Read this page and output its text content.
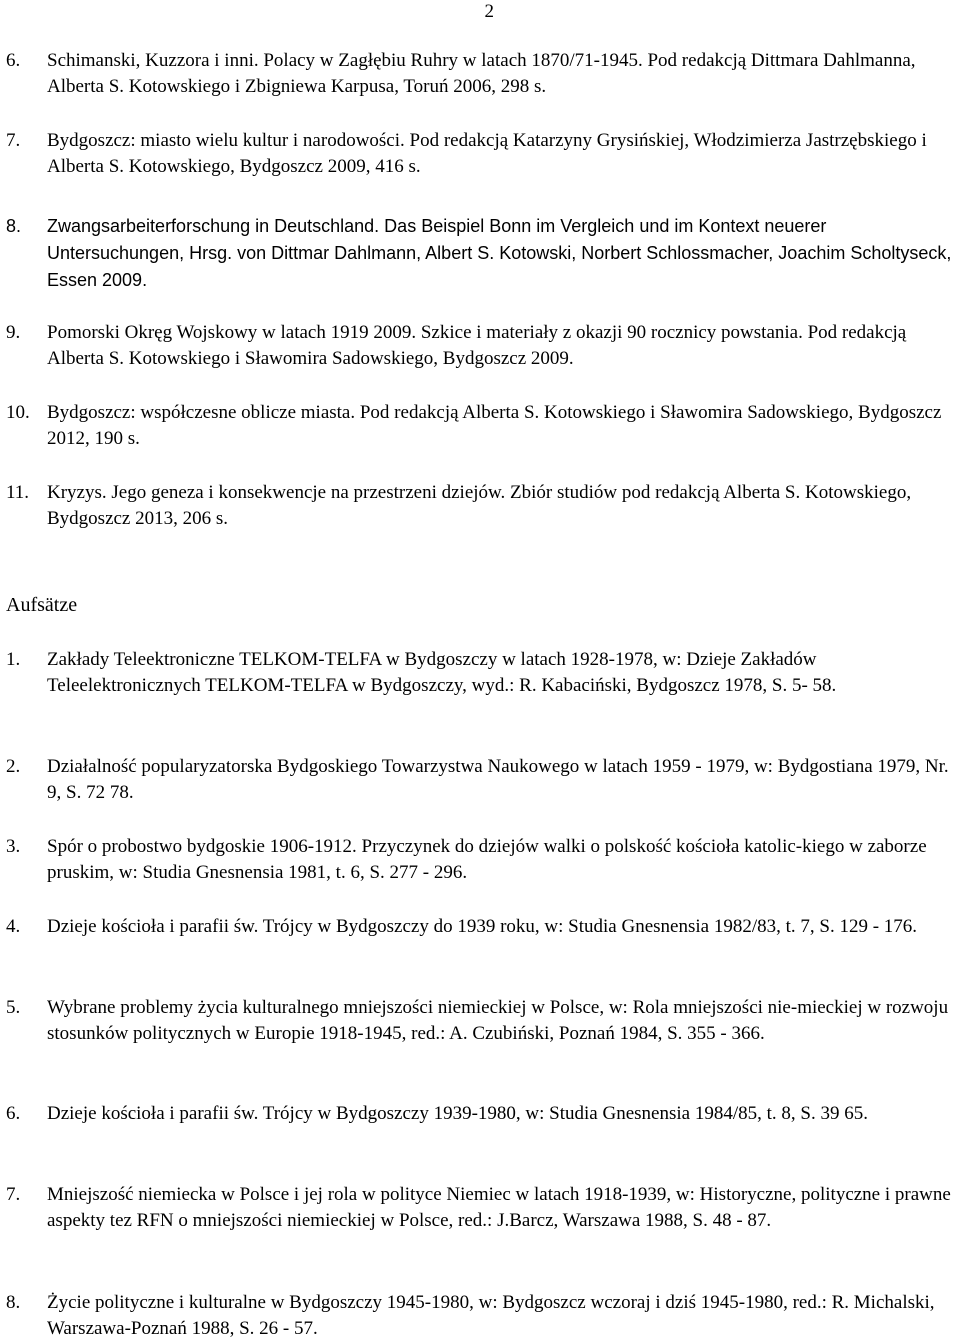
2
6.	Schimanski, Kuzzora i inni. Polacy w Zagłębiu Ruhry w latach 1870/71-1945. Pod redakcją Dittmara Dahlmanna, Alberta S. Kotowskiego i Zbigniewa Karpusa, Toruń 2006, 298 s.
7.	Bydgoszcz: miasto wielu kultur i narodowości. Pod redakcją Katarzyny Grysińskiej, Włodzimierza Jastrzębskiego i Alberta S. Kotowskiego, Bydgoszcz 2009, 416 s.
8.	Zwangsarbeiterforschung in Deutschland. Das Beispiel Bonn im Vergleich und im Kontext neuerer Untersuchungen, Hrsg. von Dittmar Dahlmann, Albert S. Kotowski, Norbert Schlossmacher, Joachim Scholtyseck, Essen 2009.
9.	Pomorski Okręg Wojskowy w latach 1919 2009. Szkice i materiały z okazji 90 rocznicy powstania. Pod redakcją Alberta S. Kotowskiego i Sławomira Sadowskiego, Bydgoszcz 2009.
10. Bydgoszcz: współczesne oblicze miasta. Pod redakcją Alberta S. Kotowskiego i Sławomira Sadowskiego, Bydgoszcz 2012, 190 s.
11. Kryzys. Jego geneza i konsekwencje na przestrzeni dziejów. Zbiór studiów pod redakcją Alberta S. Kotowskiego, Bydgoszcz 2013, 206 s.
Aufsätze
1.	Zakłady Teleektroniczne TELKOM-TELFA w Bydgoszczy w latach 1928-1978, w: Dzieje Zakładów Teleelektronicznych TELKOM-TELFA w Bydgoszczy, wyd.: R. Kabaciński, Bydgoszcz 1978, S. 5- 58.
2.	Działalność popularyzatorska Bydgoskiego Towarzystwa Naukowego w latach 1959 - 1979, w: Bydgostiana 1979, Nr. 9, S. 72 78.
3.	Spór o probostwo bydgoskie 1906-1912. Przyczynek do dziejów walki o polskość kościoła katolic-kiego w zaborze pruskim, w: Studia Gnesnensia 1981, t. 6, S. 277 - 296.
4.	Dzieje kościoła i parafii św. Trójcy w Bydgoszczy do 1939 roku, w: Studia Gnesnensia 1982/83, t. 7, S. 129 - 176.
5.	Wybrane problemy życia kulturalnego mniejszości niemieckiej w Polsce, w: Rola mniejszości nie-mieckiej w rozwoju stosunków politycznych w Europie 1918-1945, red.: A. Czubiński, Poznań 1984, S. 355 - 366.
6.	Dzieje kościoła i parafii św. Trójcy w Bydgoszczy 1939-1980, w: Studia Gnesnensia 1984/85, t. 8, S. 39 65.
7.	Mniejszość niemiecka w Polsce i jej rola w polityce Niemiec w latach 1918-1939, w: Historyczne, polityczne i prawne aspekty tez RFN o mniejszości niemieckiej w Polsce, red.: J.Barcz, Warszawa 1988, S. 48 - 87.
8.	Życie polityczne i kulturalne w Bydgoszczy 1945-1980, w: Bydgoszcz wczoraj i dziś 1945-1980, red.: R. Michalski, Warszawa-Poznań 1988, S. 26 - 57.
